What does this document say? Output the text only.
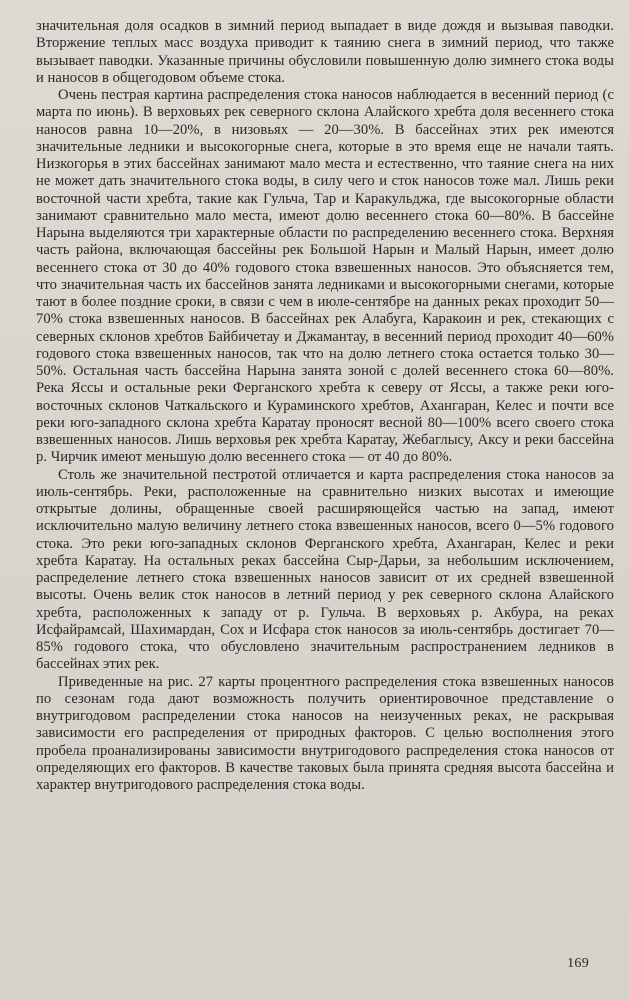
значительная доля осадков в зимний период выпадает в виде дождя и вызывая паводки. Вторжение теплых масс воздуха приводит к таянию снега в зимний период, что также вызывает паводки. Указанные причины обусловили повышенную долю зимнего стока воды и наносов в общегодовом объеме стока.

Очень пестрая картина распределения стока наносов наблюдается в весенний период (с марта по июнь). В верховьях рек северного склона Алайского хребта доля весеннего стока наносов равна 10—20%, в низовьях — 20—30%. В бассейнах этих рек имеются значительные ледники и высокогорные снега, которые в это время еще не начали таять. Низкогорья в этих бассейнах занимают мало места и естественно, что таяние снега на них не может дать значительного стока воды, в силу чего и сток наносов тоже мал. Лишь реки восточной части хребта, такие как Гульча, Тар и Каракульджа, где высокогорные области занимают сравнительно мало места, имеют долю весеннего стока 60—80%. В бассейне Нарына выделяются три характерные области по распределению весеннего стока. Верхняя часть района, включающая бассейны рек Большой Нарын и Малый Нарын, имеет долю весеннего стока от 30 до 40% годового стока взвешенных наносов. Это объясняется тем, что значительная часть их бассейнов занята ледниками и высокогорными снегами, которые тают в более поздние сроки, в связи с чем в июле-сентябре на данных реках проходит 50—70% стока взвешенных наносов. В бассейнах рек Алабуга, Каракоин и рек, стекающих с северных склонов хребтов Байбичетау и Джамантау, в весенний период проходит 40—60% годового стока взвешенных наносов, так что на долю летнего стока остается только 30—50%. Остальная часть бассейна Нарына занята зоной с долей весеннего стока 60—80%. Река Яссы и остальные реки Ферганского хребта к северу от Яссы, а также реки юго-восточных склонов Чаткальского и Кураминского хребтов, Ахангаран, Келес и почти все реки юго-западного склона хребта Каратау проносят весной 80—100% всего своего стока взвешенных наносов. Лишь верховья рек хребта Каратау, Жебаглысу, Аксу и реки бассейна р. Чирчик имеют меньшую долю весеннего стока — от 40 до 80%.

Столь же значительной пестротой отличается и карта распределения стока наносов за июль-сентябрь. Реки, расположенные на сравнительно низких высотах и имеющие открытые долины, обращенные своей расширяющейся частью на запад, имеют исключительно малую величину летнего стока взвешенных наносов, всего 0—5% годового стока. Это реки юго-западных склонов Ферганского хребта, Ахангаран, Келес и реки хребта Каратау. На остальных реках бассейна Сыр-Дарьи, за небольшим исключением, распределение летнего стока взвешенных наносов зависит от их средней взвешенной высоты. Очень велик сток наносов в летний период у рек северного склона Алайского хребта, расположенных к западу от р. Гульча. В верховьях р. Акбура, на реках Исфайрамсай, Шахимардан, Сох и Исфара сток наносов за июль-сентябрь достигает 70—85% годового стока, что обусловлено значительным распространением ледников в бассейнах этих рек.

Приведенные на рис. 27 карты процентного распределения стока взвешенных наносов по сезонам года дают возможность получить ориентировочное представление о внутригодовом распределении стока наносов на неизученных реках, не раскрывая зависимости его распределения от природных факторов. С целью восполнения этого пробела проанализированы зависимости внутригодового распределения стока наносов от определяющих его факторов. В качестве таковых была принята средняя высота бассейна и характер внутригодового распределения стока воды.

169
